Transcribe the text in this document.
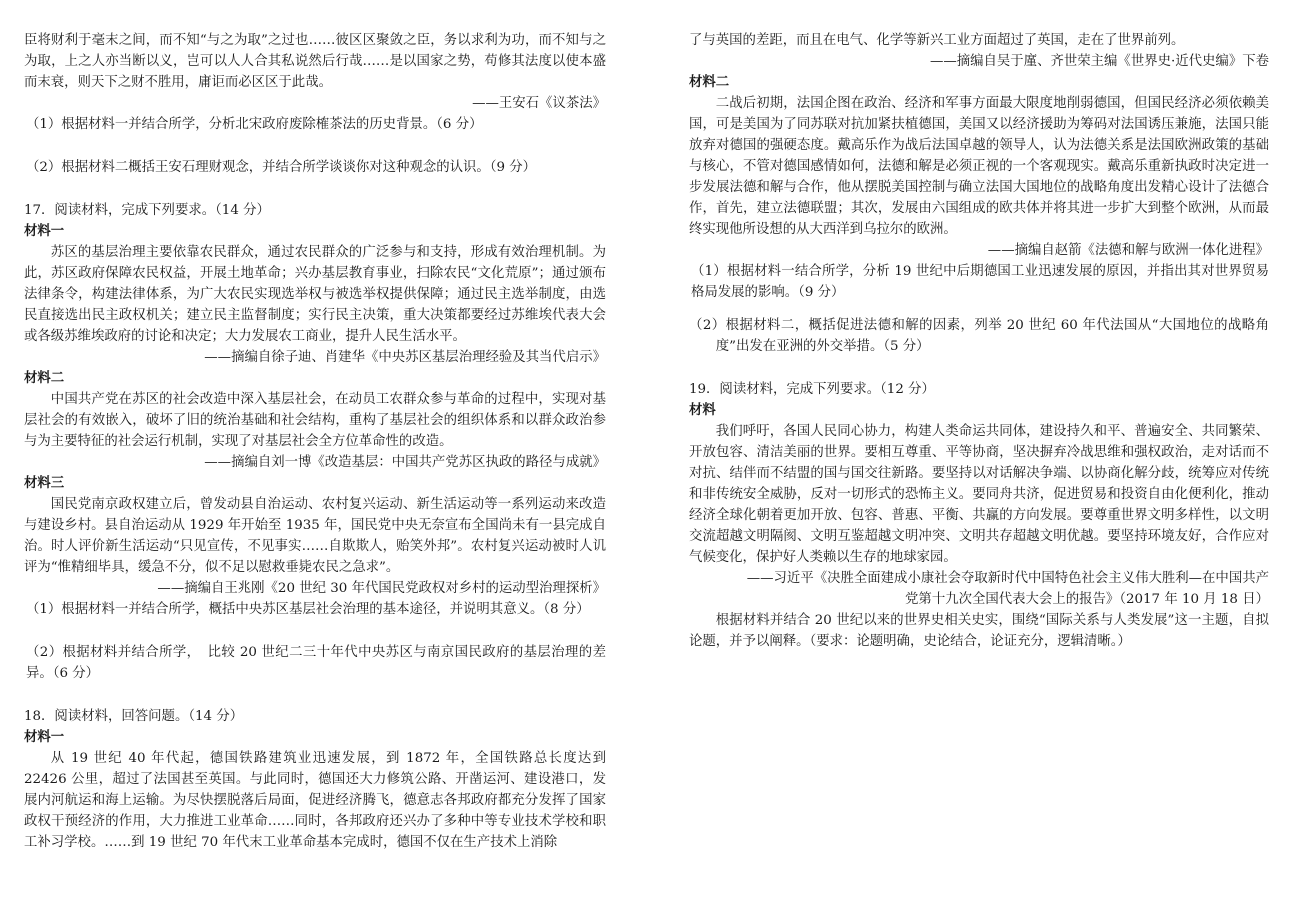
臣将财利于毫末之间，而不知“与之为取”之过也……彼区区聚敛之臣，务以求利为功，而不知与之为取，上之人亦当断以义，岂可以人人合其私说然后行哉……是以国家之势，苟修其法度以使本盛而末衰，则天下之财不胜用，庸讵而必区区于此哉。

——王安石《议茶法》

（1）根据材料一并结合所学，分析北宋政府废除榷茶法的历史背景。（6 分）

（2）根据材料二概括王安石理财观念，并结合所学谈谈你对这种观念的认识。（9 分）

17．阅读材料，完成下列要求。（14 分）

材料一

苏区的基层治理主要依靠农民群众，通过农民群众的广泛参与和支持，形成有效治理机制。为此，苏区政府保障农民权益，开展土地革命；兴办基层教育事业，扫除农民“文化荒原”；通过颁布法律条令，构建法律体系，为广大农民实现选举权与被选举权提供保障；通过民主选举制度，由选民直接选出民主政权机关；建立民主监督制度；实行民主决策，重大决策都要经过苏维埃代表大会或各级苏维埃政府的讨论和决定；大力发展农工商业，提升人民生活水平。

——摘编自徐子迪、肖建华《中央苏区基层治理经验及其当代启示》

材料二

中国共产党在苏区的社会改造中深入基层社会，在动员工农群众参与革命的过程中，实现对基层社会的有效嵌入，破坏了旧的统治基础和社会结构，重构了基层社会的组织体系和以群众政治参与为主要特征的社会运行机制，实现了对基层社会全方位革命性的改造。

——摘编自刘一博《改造基层：中国共产党苏区执政的路径与成就》

材料三

国民党南京政权建立后，曾发动县自治运动、农村复兴运动、新生活运动等一系列运动来改造与建设乡村。县自治运动从 1929 年开始至 1935 年，国民党中央无奈宣布全国尚未有一县完成自治。时人评价新生活运动“只见宣传，不见事实……自欺欺人，贻笑外邦”。农村复兴运动被时人讥评为“惟精细毕具，缓急不分，似不足以慰救垂毙农民之急求”。

——摘编自王兆刚《20 世纪 30 年代国民党政权对乡村的运动型治理探析》

（1）根据材料一并结合所学，概括中央苏区基层社会治理的基本途径，并说明其意义。（8 分）

（2）根据材料并结合所学，　比较 20 世纪二三十年代中央苏区与南京国民政府的基层治理的差异。（6 分）

18．阅读材料，回答问题。（14 分）

材料一

从 19 世纪 40 年代起，德国铁路建筑业迅速发展，到 1872 年，全国铁路总长度达到 22426 公里，超过了法国甚至英国。与此同时，德国还大力修筑公路、开凿运河、建设港口，发展内河航运和海上运输。为尽快摆脱落后局面，促进经济腾飞，德意志各邦政府都充分发挥了国家政权干预经济的作用，大力推进工业革命……同时，各邦政府还兴办了多种中等专业技术学校和职工补习学校。……到 19 世纪 70 年代末工业革命基本完成时，德国不仅在生产技术上消除

了与英国的差距，而且在电气、化学等新兴工业方面超过了英国，走在了世界前列。

——摘编自吴于廑、齐世荣主编《世界史·近代史编》下卷

材料二

二战后初期，法国企图在政治、经济和军事方面最大限度地削弱德国，但国民经济必须依赖美国，可是美国为了同苏联对抗加紧扶植德国，美国又以经济援助为筹码对法国诱压兼施，法国只能放弃对德国的强硬态度。戴高乐作为战后法国卓越的领导人，认为法德关系是法国欧洲政策的基础与核心，不管对德国感情如何，法德和解是必须正视的一个客观现实。戴高乐重新执政时决定进一步发展法德和解与合作，他从摆脱美国控制与确立法国大国地位的战略角度出发精心设计了法德合作，首先，建立法德联盟；其次，发展由六国组成的欧共体并将其进一步扩大到整个欧洲，从而最终实现他所设想的从大西洋到乌拉尔的欧洲。

——摘编自赵箭《法德和解与欧洲一体化进程》

（1）根据材料一结合所学，分析 19 世纪中后期德国工业迅速发展的原因，并指出其对世界贸易格局发展的影响。（9 分）

（2）根据材料二，概括促进法德和解的因素，列举 20 世纪 60 年代法国从“大国地位的战略角度”出发在亚洲的外交举措。（5 分）

19．阅读材料，完成下列要求。（12 分）

材料

我们呼吁，各国人民同心协力，构建人类命运共同体，建设持久和平、普遍安全、共同繁荣、开放包容、清洁美丽的世界。要相互尊重、平等协商，坚决摒弃冷战思维和强权政治，走对话而不对抗、结伴而不结盟的国与国交往新路。要坚持以对话解决争端、以协商化解分歧，统筹应对传统和非传统安全威胁，反对一切形式的恐怖主义。要同舟共济，促进贸易和投资自由化便利化，推动经济全球化朝着更加开放、包容、普惠、平衡、共赢的方向发展。要尊重世界文明多样性，以文明交流超越文明隔阂、文明互鉴超越文明冲突、文明共存超越文明优越。要坚持环境友好，合作应对气候变化，保护好人类赖以生存的地球家园。

——习近平《决胜全面建成小康社会夺取新时代中国特色社会主义伟大胜利—在中国共产

党第十九次全国代表大会上的报告》（2017 年 10 月 18 日）

根据材料并结合 20 世纪以来的世界史相关史实，围绕“国际关系与人类发展”这一主题，自拟论题，并予以阐释。（要求：论题明确，史论结合，论证充分，逻辑清晰。）
